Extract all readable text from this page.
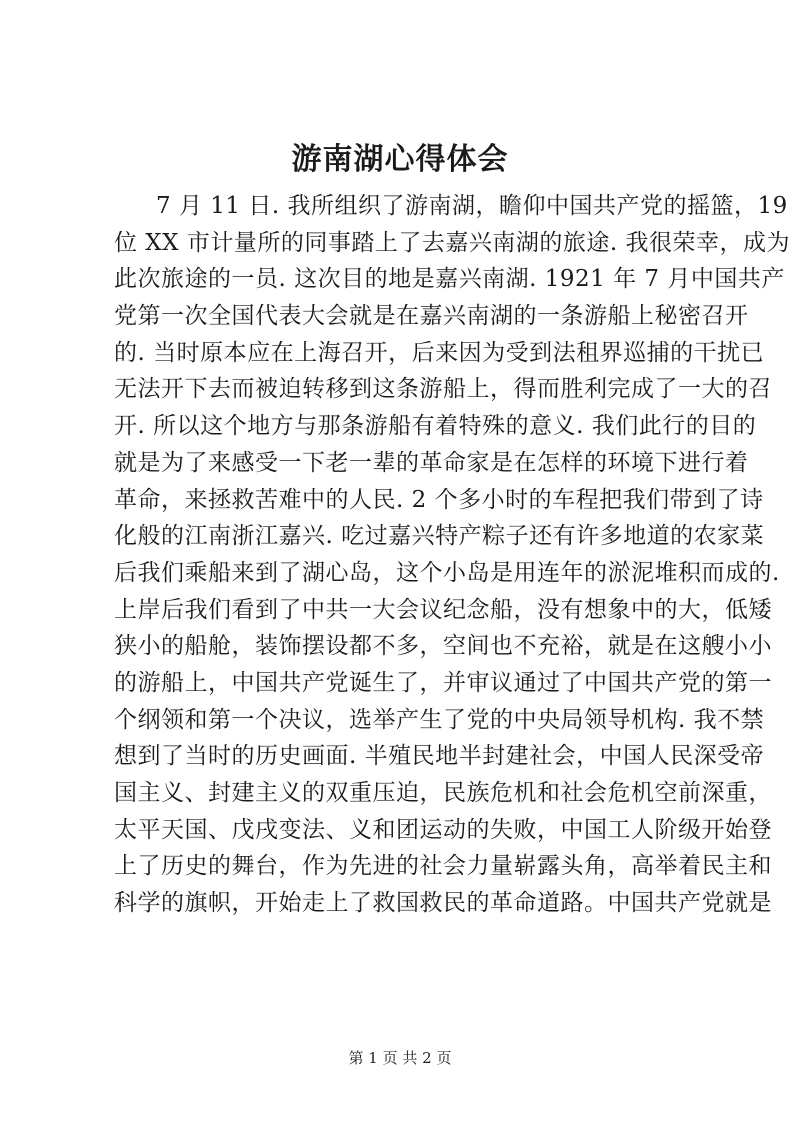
游南湖心得体会
7 月 11 日. 我所组织了游南湖，瞻仰中国共产党的摇篮，19
位 XX 市计量所的同事踏上了去嘉兴南湖的旅途. 我很荣幸，成为
此次旅途的一员. 这次目的地是嘉兴南湖. 1921 年 7 月中国共产
党第一次全国代表大会就是在嘉兴南湖的一条游船上秘密召开
的. 当时原本应在上海召开，后来因为受到法租界巡捕的干扰已
无法开下去而被迫转移到这条游船上，得而胜利完成了一大的召
开. 所以这个地方与那条游船有着特殊的意义. 我们此行的目的
就是为了来感受一下老一辈的革命家是在怎样的环境下进行着
革命，来拯救苦难中的人民. 2 个多小时的车程把我们带到了诗
化般的江南浙江嘉兴. 吃过嘉兴特产粽子还有许多地道的农家菜
后我们乘船来到了湖心岛，这个小岛是用连年的淤泥堆积而成的.
上岸后我们看到了中共一大会议纪念船，没有想象中的大，低矮
狭小的船舱，装饰摆设都不多，空间也不充裕，就是在这艘小小
的游船上，中国共产党诞生了，并审议通过了中国共产党的第一
个纲领和第一个决议，选举产生了党的中央局领导机构. 我不禁
想到了当时的历史画面. 半殖民地半封建社会，中国人民深受帝
国主义、封建主义的双重压迫，民族危机和社会危机空前深重，
太平天国、戊戌变法、义和团运动的失败，中国工人阶级开始登
上了历史的舞台，作为先进的社会力量崭露头角，高举着民主和
科学的旗帜，开始走上了救国救民的革命道路。中国共产党就是
第 1 页 共 2 页
